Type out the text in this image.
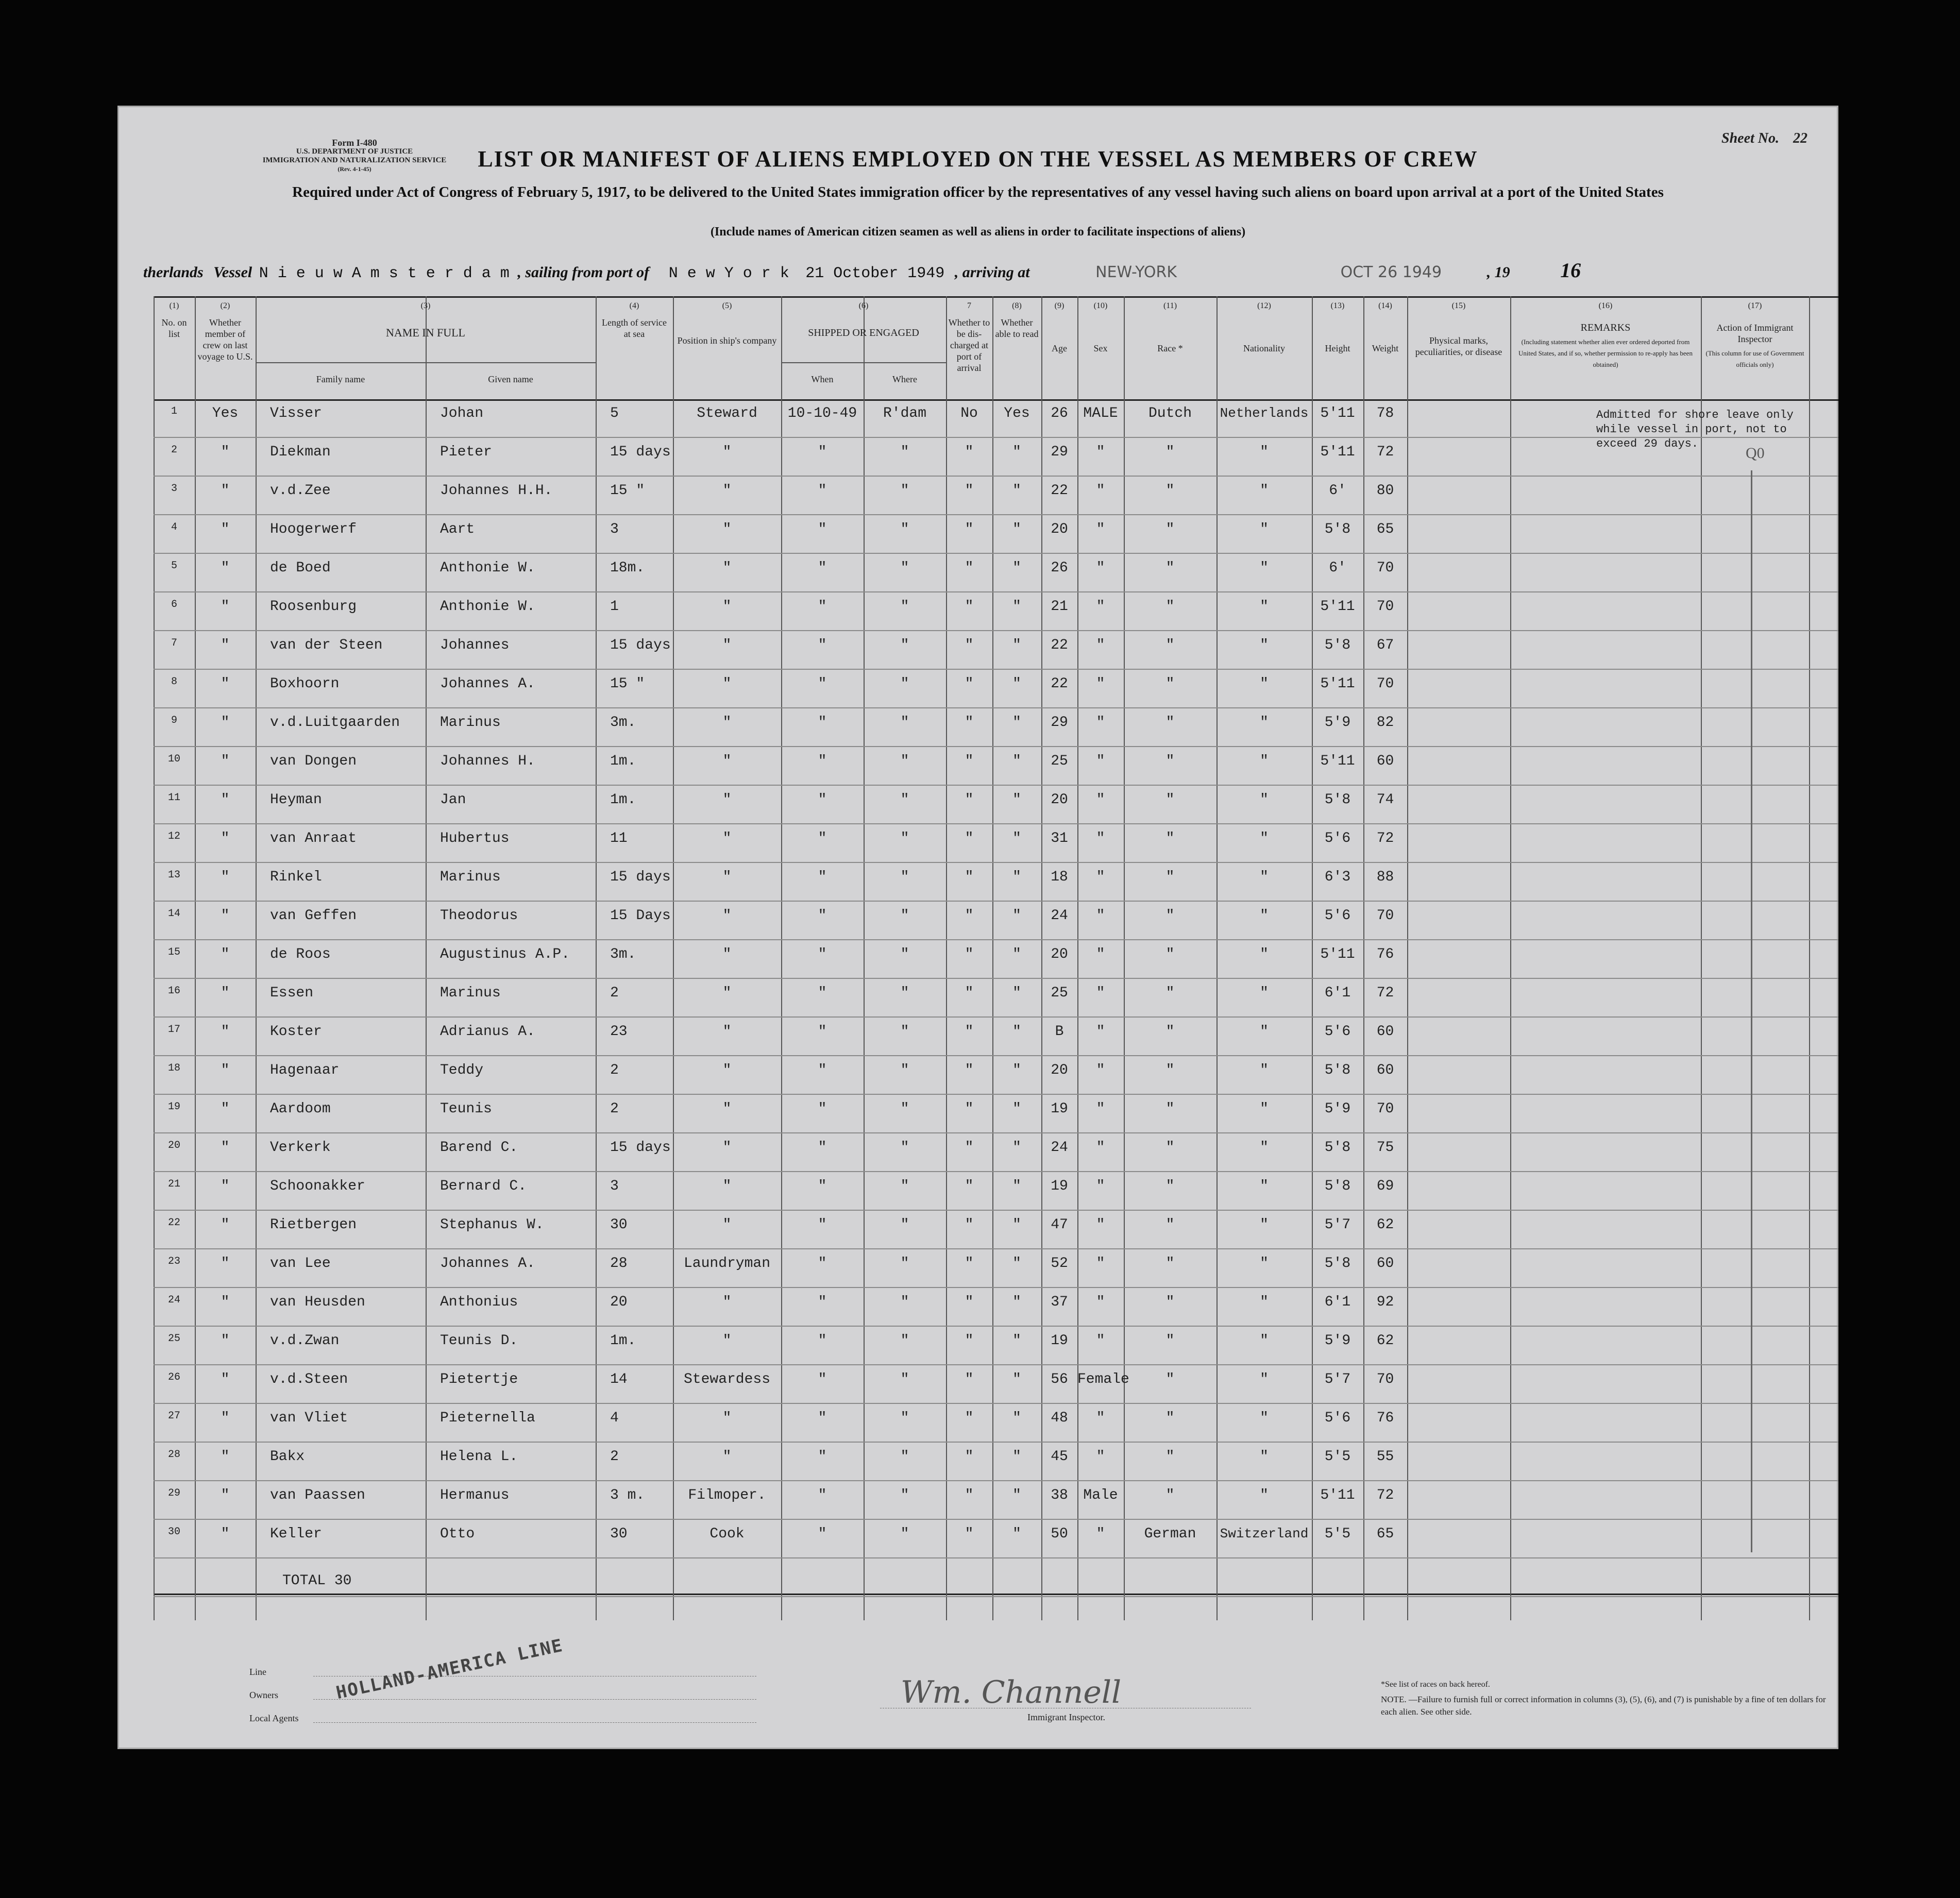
Form I-480
U.S. DEPARTMENT OF JUSTICE
IMMIGRATION AND NATURALIZATION SERVICE
(Rev. 4-1-45)
Sheet No. 22
LIST OR MANIFEST OF ALIENS EMPLOYED ON THE VESSEL AS MEMBERS OF CREW
Required under Act of Congress of February 5, 1917, to be delivered to the United States immigration officer by the representatives of any vessel having such aliens on board upon arrival at a port of the United States
(Include names of American citizen seamen as well as aliens in order to facilitate inspections of aliens)
therlands Vessel N i e u w A m s t e r d a m , sailing from port of N e w Y o r k 21 October 1949 , arriving at	NEW-YORK	OCT 26 1949	, 19 16
(1)
No. on list
(2)
Whether member of crew on last voyage to U.S.
(4)
Length of service at sea
(5)
Position in ship's company
7
Whether to be dis-charged at port of arrival
(8)
Whether able to read
(9)
Age
(10)
Sex
(11)
Race *
(12)
Nationality
(13)
Height
(14)
Weight
(15)
Physical marks, peculiarities, or disease
(3)
NAME IN FULL
Family name	Given name
(6)
SHIPPED OR ENGAGED
When	Where
(16)
REMARKS
(Including statement whether alien ever ordered deported from United States, and if so, whether permission to re-apply has been obtained)
(17)
Action of Immigrant Inspector
(This column for use of Government officials only)
1	Yes	Visser	Johan	5	Steward	10-10-49	R'dam	No	Yes	26	MALE	Dutch	Netherlands 5'11	78
2	"	Diekman	Pieter	15 days	"	"	"	"	"	29	"	"	"	5'11	72
3	"	v.d.Zee	Johannes H.H.	15 "	"	"	"	"	"	22	"	"	"	6'	80
4	"	Hoogerwerf	Aart	3	"	"	"	"	"	20	"	"	"	5'8	65
5	"	de Boed	Anthonie W.	18m.	"	"	"	"	"	26	"	"	"	6'	70
6	"	Roosenburg	Anthonie W.	1	"	"	"	"	"	21	"	"	"	5'11	70
7	"	van der Steen	Johannes	15 days	"	"	"	"	"	22	"	"	"	5'8	67
8	"	Boxhoorn	Johannes A.	15 "	"	"	"	"	"	22	"	"	"	5'11	70
9	"	v.d.Luitgaarden	Marinus	3m.	"	"	"	"	"	29	"	"	"	5'9	82
10	"	van Dongen	Johannes H.	1m.	"	"	"	"	"	25	"	"	"	5'11	60
11	"	Heyman	Jan	1m.	"	"	"	"	"	20	"	"	"	5'8	74
12	"	van Anraat	Hubertus	11	"	"	"	"	"	31	"	"	"	5'6	72
13	"	Rinkel	Marinus	15 days	"	"	"	"	"	18	"	"	"	6'3	88
14	"	van Geffen	Theodorus	15 Days	"	"	"	"	"	24	"	"	"	5'6	70
15	"	de Roos	Augustinus A.P.	3m.	"	"	"	"	"	20	"	"	"	5'11	76
16	"	Essen	Marinus	2	"	"	"	"	"	25	"	"	"	6'1	72
17	"	Koster	Adrianus A.	23	"	"	"	"	"	B	"	"	"	5'6	60
18	"	Hagenaar	Teddy	2	"	"	"	"	"	20	"	"	"	5'8	60
19	"	Aardoom	Teunis	2	"	"	"	"	"	19	"	"	"	5'9	70
20	"	Verkerk	Barend C.	15 days	"	"	"	"	"	24	"	"	"	5'8	75
21	"	Schoonakker	Bernard C.	3	"	"	"	"	"	19	"	"	"	5'8	69
22	"	Rietbergen	Stephanus W.	30	"	"	"	"	"	47	"	"	"	5'7	62
23	"	van Lee	Johannes A.	28	Laundryman	"	"	"	"	52	"	"	"	5'8	60
24	"	van Heusden	Anthonius	20	"	"	"	"	"	37	"	"	"	6'1	92
25	"	v.d.Zwan	Teunis D.	1m.	"	"	"	"	"	19	"	"	"	5'9	62
26	"	v.d.Steen	Pietertje	14	Stewardess	"	"	"	"	56 Female	"	"	5'7	70
27	"	van Vliet	Pieternella	4	"	"	"	"	"	48	"	"	"	5'6	76
28	"	Bakx	Helena L.	2	"	"	"	"	"	45	"	"	"	5'5	55
29	"	van Paassen	Hermanus	3 m.	Filmoper.	"	"	"	"	38	Male	"	"	5'11	72
30	"	Keller	Otto	30	Cook	"	"	"	"	50	"	German	Switzerland	5'5	65
TOTAL 30
Admitted for shore leave only
while vessel in port, not to
exceed 29 days.
Q0
Line
Owners
Local Agents
HOLLAND-AMERICA LINE	Wm. Channell
Immigrant Inspector.
*See list of races on back hereof.
NOTE. —Failure to furnish full or correct information in columns (3), (5), (6), and (7) is punishable by a fine of ten dollars for each alien. See other side.
